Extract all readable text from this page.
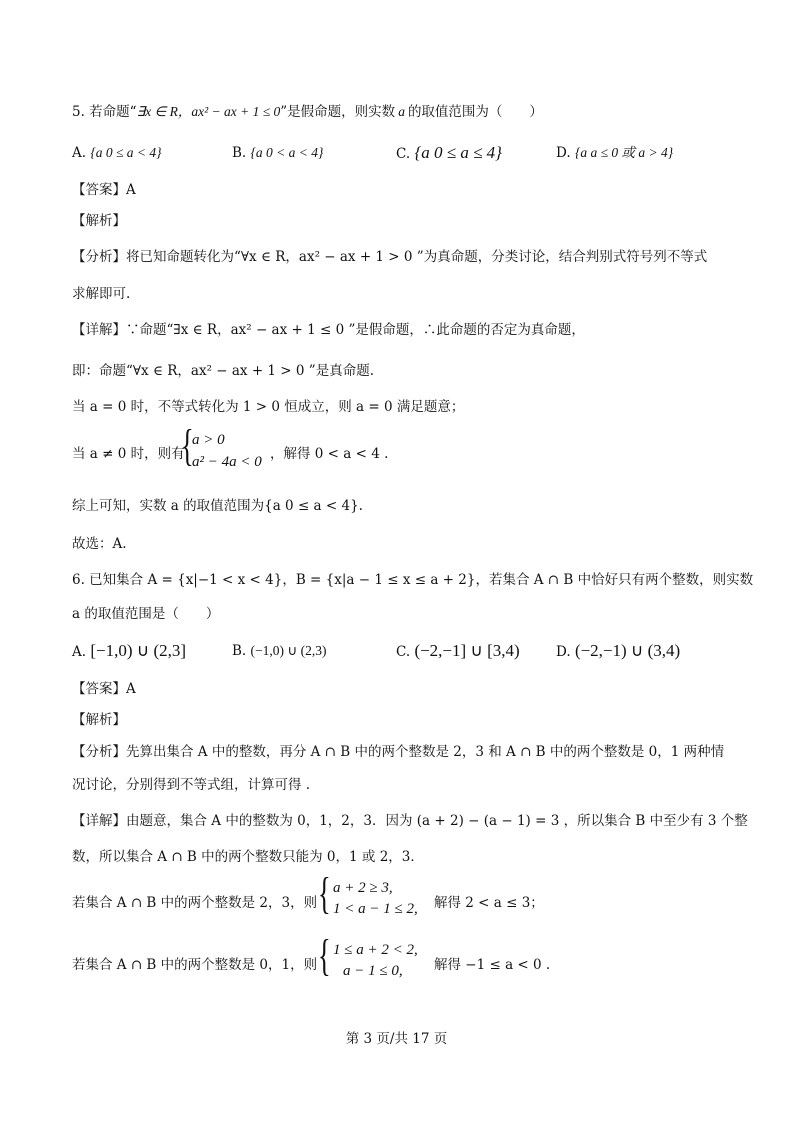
5. 若命题“∃x ∈ R，ax² − ax + 1 ≤ 0”是假命题，则实数 a 的取值范围为（　　）
A. {a 0 ≤ a < 4}	B. {a 0 < a < 4}	C. {a 0 ≤ a ≤ 4}	D. {a a ≤ 0 或 a > 4}
【答案】A
【解析】
【分析】将已知命题转化为“∀x ∈ R，ax² − ax + 1 > 0 ”为真命题，分类讨论，结合判别式符号列不等式
求解即可.
【详解】∵命题“∃x ∈ R，ax² − ax + 1 ≤ 0 ”是假命题，∴此命题的否定为真命题，
即：命题“∀x ∈ R，ax² − ax + 1 > 0 ”是真命题.
当 a = 0 时，不等式转化为 1 > 0 恒成立，则 a = 0 满足题意；
当 a ≠ 0 时，则有
{
a > 0
a² − 4a < 0 ，解得 0 < a < 4 .
综上可知，实数 a 的取值范围为{a 0 ≤ a < 4}.
故选：A.
6. 已知集合 A = {x|−1 < x < 4}，B = {x|a − 1 ≤ x ≤ a + 2}，若集合 A ∩ B 中恰好只有两个整数，则实数
a 的取值范围是（　　）
A. [−1,0) ∪ (2,3]	B. (−1,0) ∪ (2,3)	C. (−2,−1] ∪ [3,4)	D. (−2,−1) ∪ (3,4)
【答案】A
【解析】
【分析】先算出集合 A 中的整数，再分 A ∩ B 中的两个整数是 2，3 和 A ∩ B 中的两个整数是 0，1 两种情
况讨论，分别得到不等式组，计算可得 .
【详解】由题意，集合 A 中的整数为 0，1，2，3．因为 (a + 2) − (a − 1) = 3 ，所以集合 B 中至少有 3 个整
数，所以集合 A ∩ B 中的两个整数只能为 0，1 或 2，3．
若集合 A ∩ B 中的两个整数是 2，3，则 { a + 2 ≥ 3,
1 < a − 1 ≤ 2, 解得 2 < a ≤ 3；
若集合 A ∩ B 中的两个整数是 0，1，则 { 1 ≤ a + 2 < 2,
a − 1 ≤ 0, 解得 −1 ≤ a < 0 .
第 3 页/共 17 页
